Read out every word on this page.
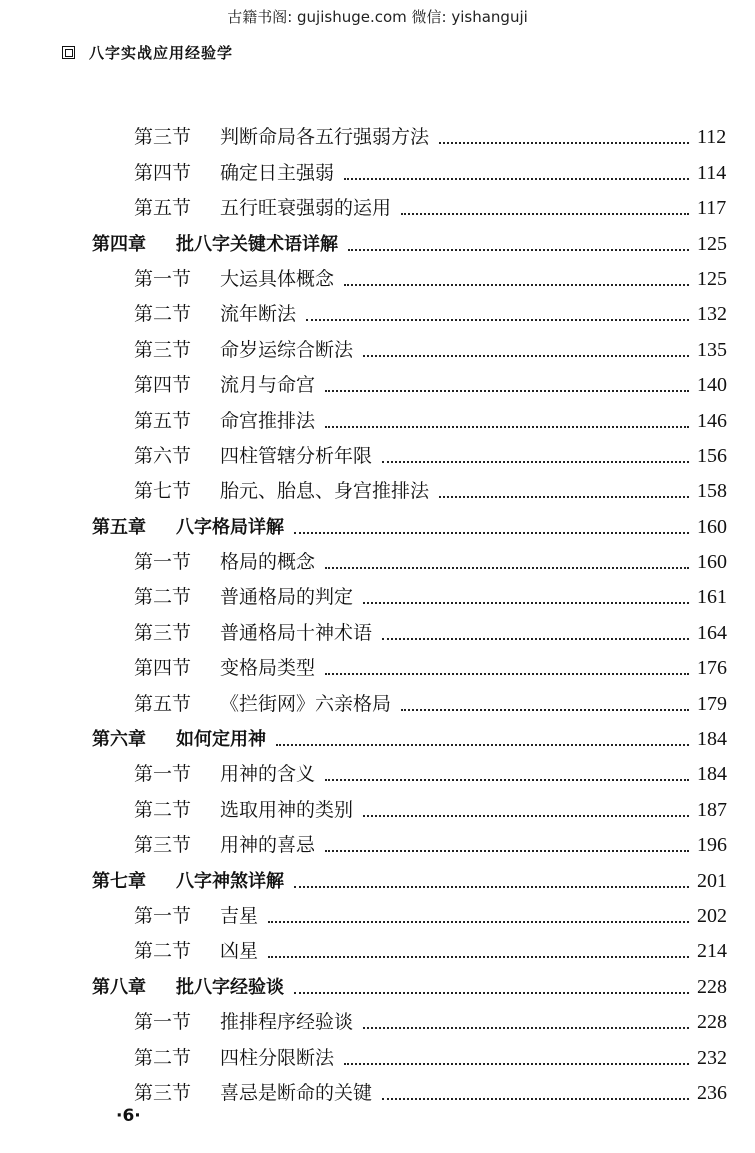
古籍书阁: gujishuge.com 微信: yishanguji
八字实战应用经验学
第三节 判断命局各五行强弱方法	112
第四节 确定日主强弱	114
第五节 五行旺衰强弱的运用	117
第四章 批八字关键术语详解	125
第一节 大运具体概念	125
第二节 流年断法	132
第三节 命岁运综合断法	135
第四节 流月与命宫	140
第五节 命宫推排法	146
第六节 四柱管辖分析年限	156
第七节 胎元、胎息、身宫推排法	158
第五章 八字格局详解	160
第一节 格局的概念	160
第二节 普通格局的判定	161
第三节 普通格局十神术语	164
第四节 变格局类型	176
第五节 《拦街网》六亲格局	179
第六章 如何定用神	184
第一节 用神的含义	184
第二节 选取用神的类别	187
第三节 用神的喜忌	196
第七章 八字神煞详解	201
第一节 吉星	202
第二节 凶星	214
第八章 批八字经验谈	228
第一节 推排程序经验谈	228
第二节 四柱分限断法	232
第三节 喜忌是断命的关键	236
·6·
